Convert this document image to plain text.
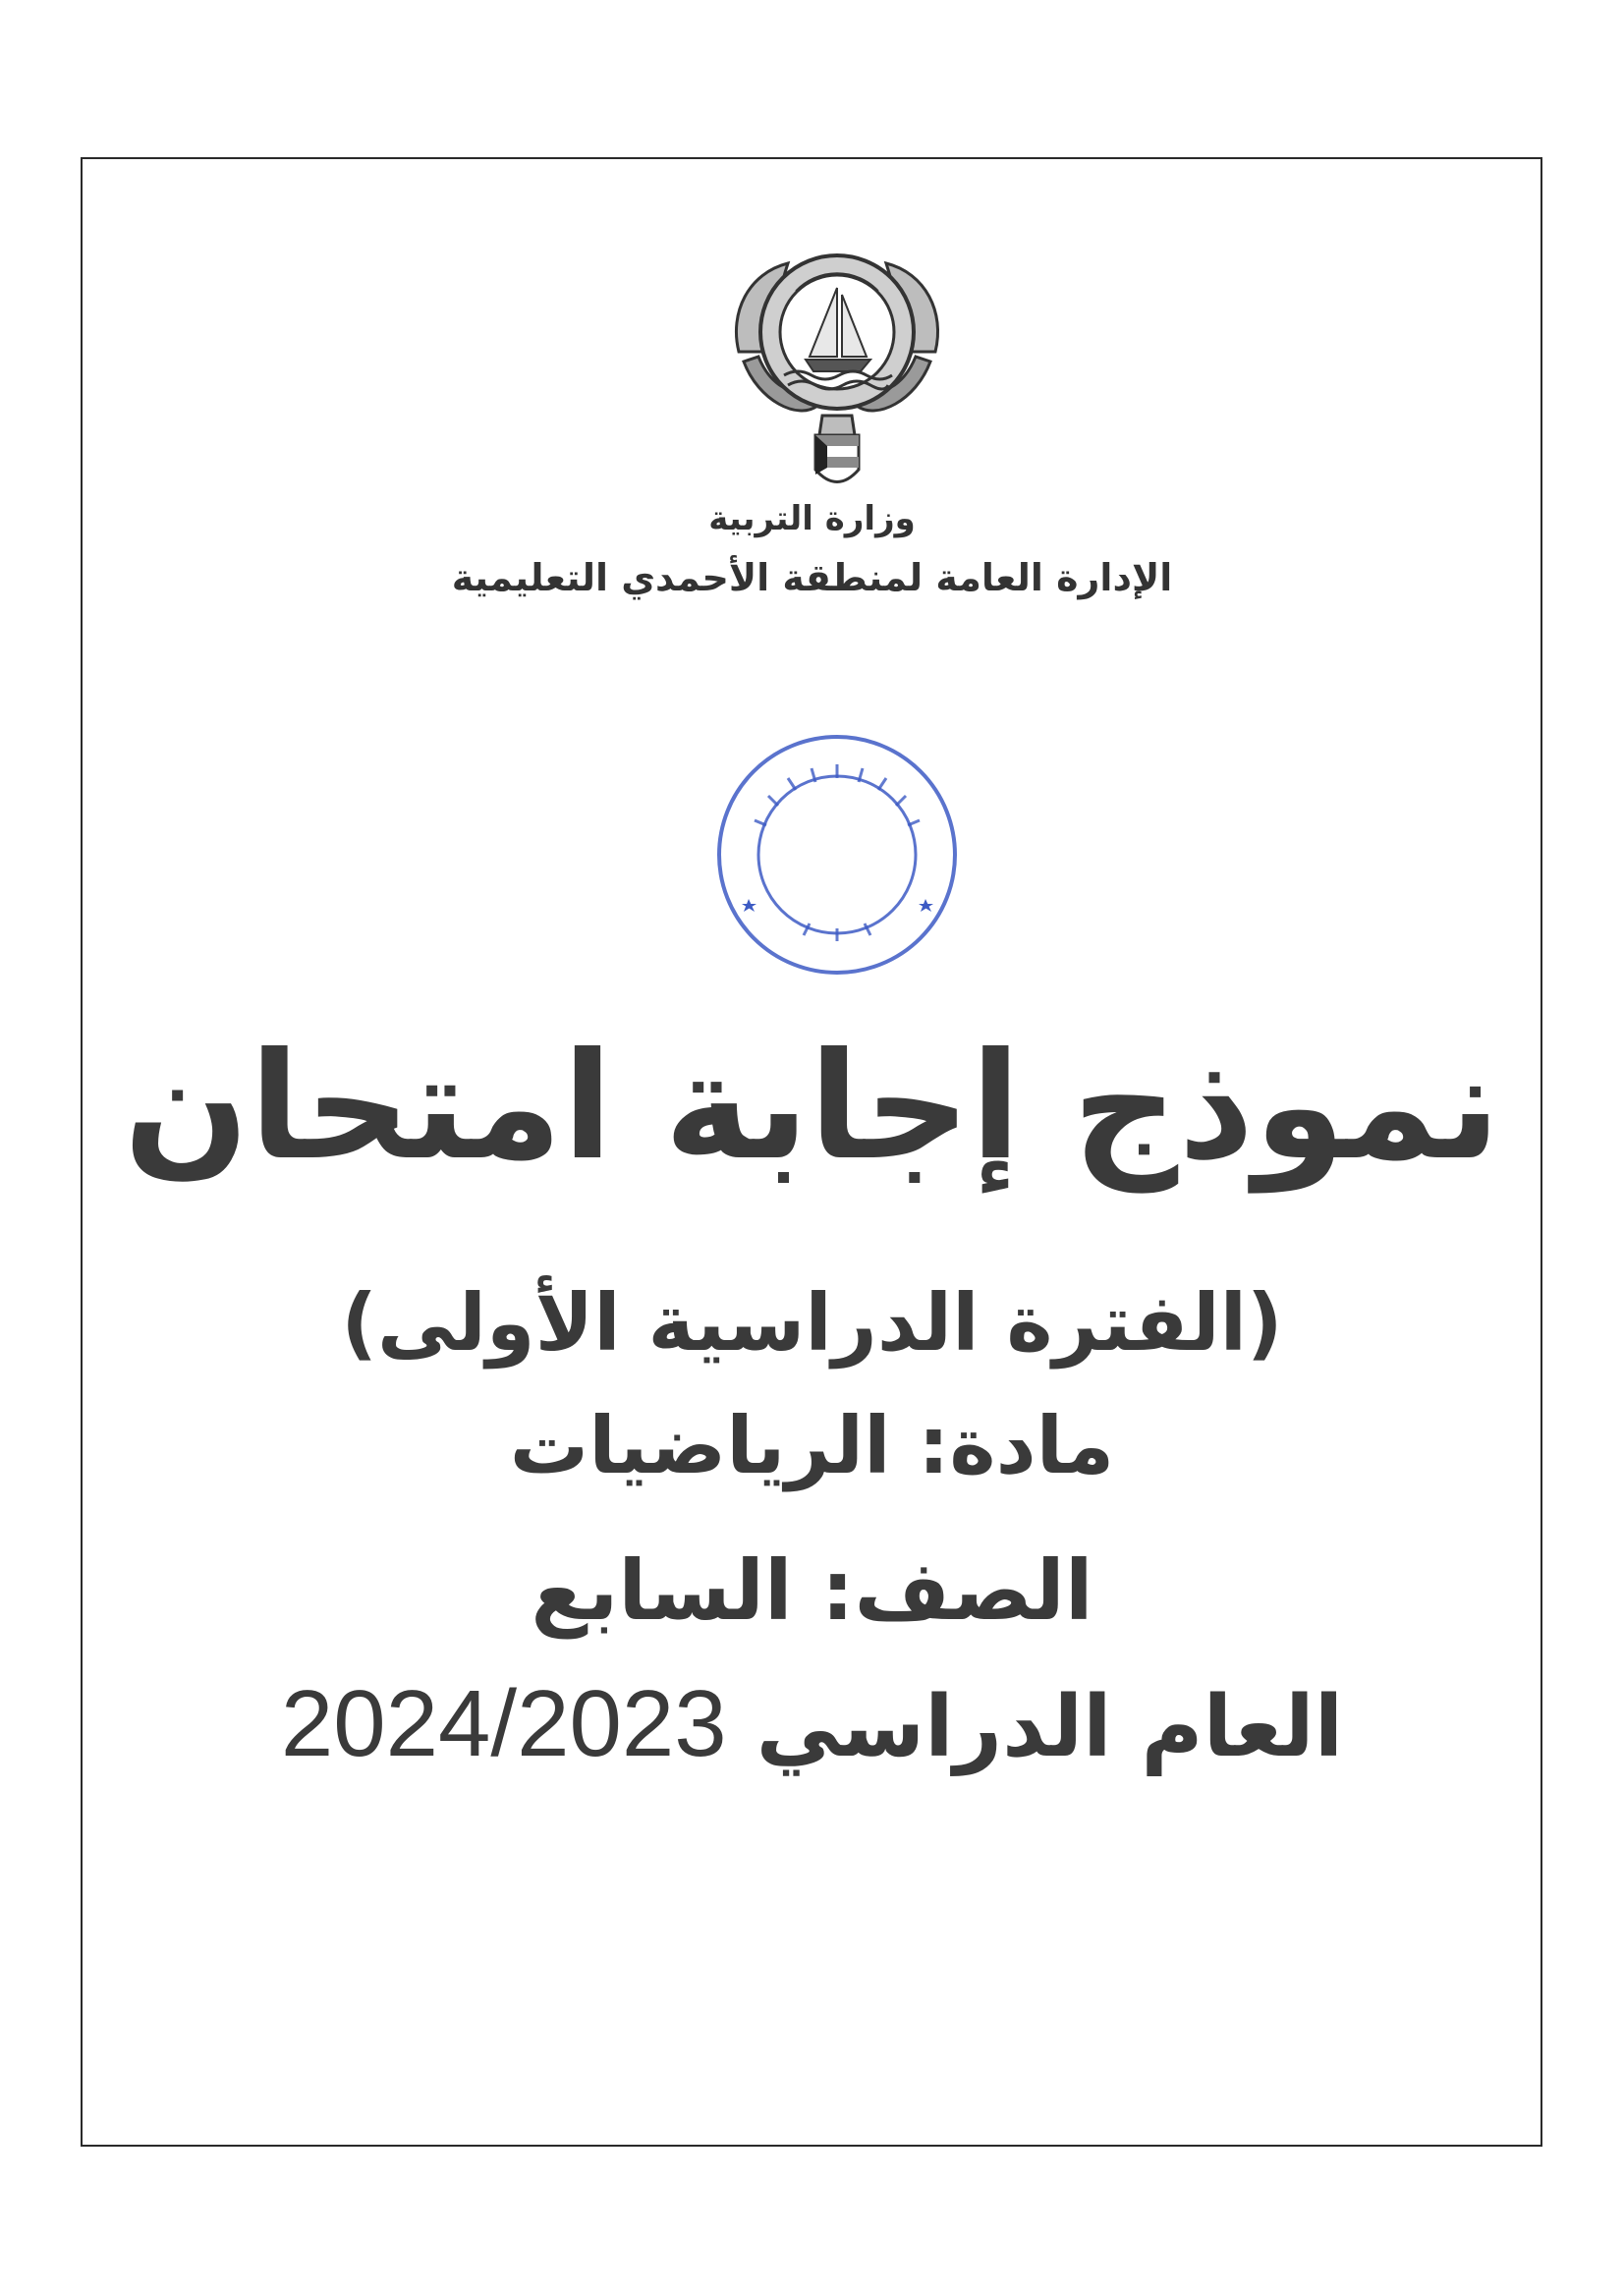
وزارة التربية
الإدارة العامة لمنطقة الأحمدي التعليمية
نموذج إجابة امتحان
(الفترة الدراسية الأولى)
مادة: الرياضيات
الصف: السابع
العام الدراسي 2024/2023
